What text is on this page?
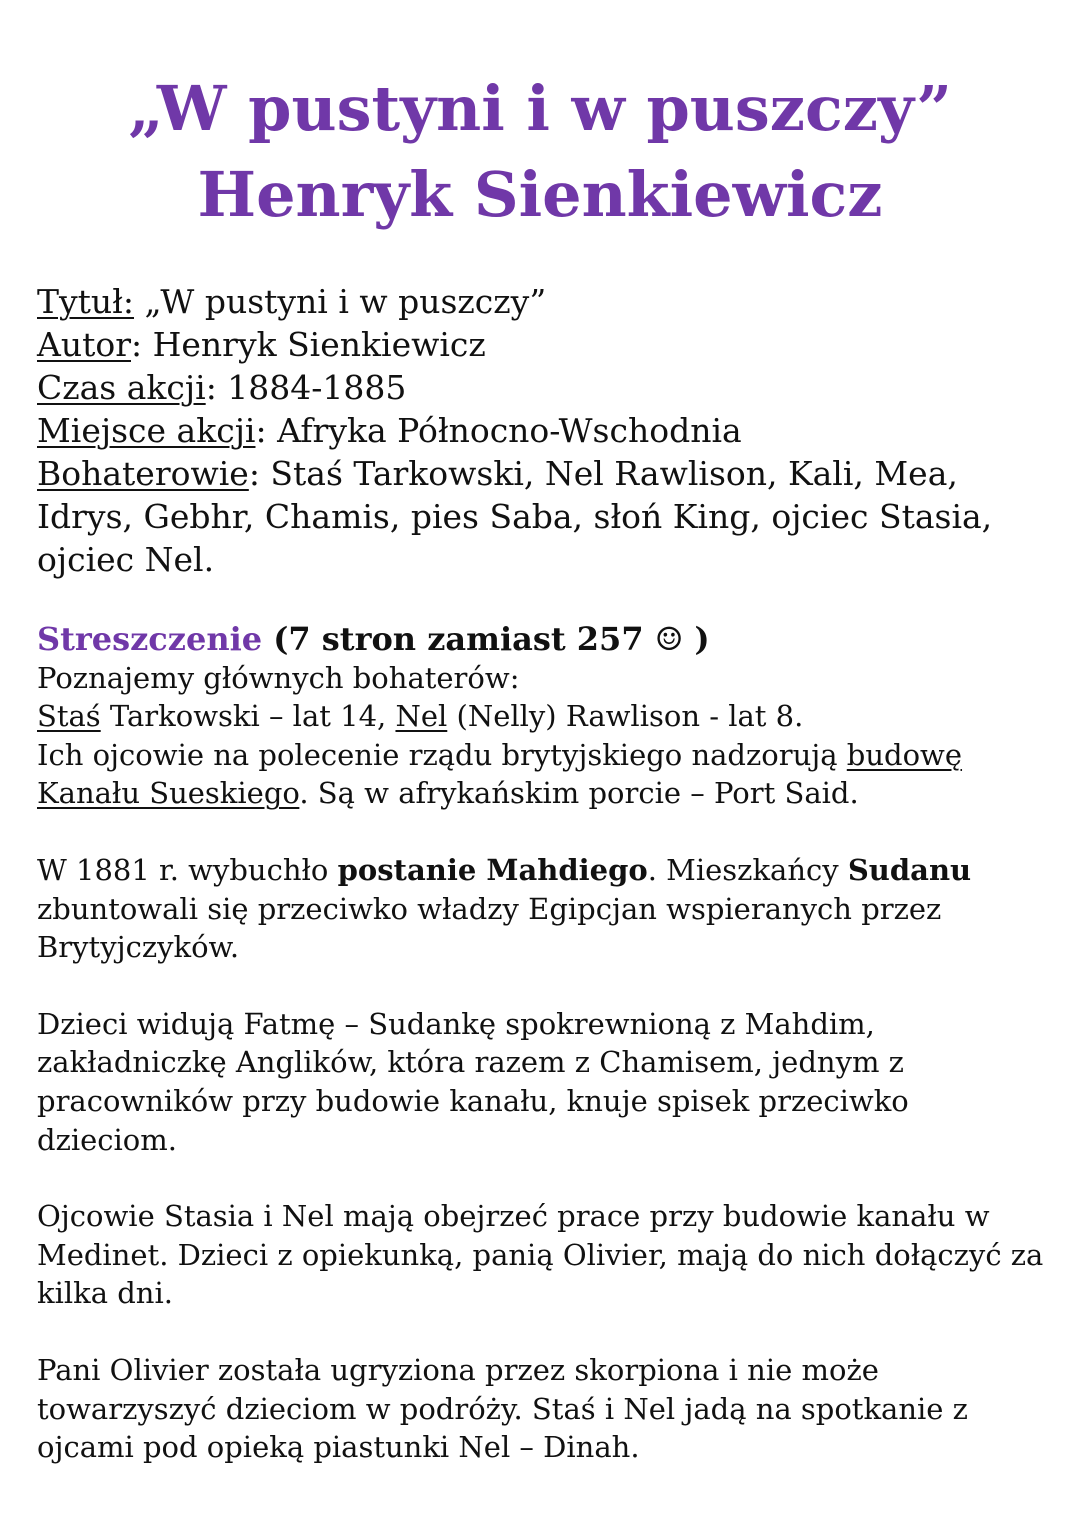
„W pustyni i w puszczy”
Henryk Sienkiewicz

Tytuł: „W pustyni i w puszczy”

Autor: Henryk Sienkiewicz

Czas akcji: 1884-1885

Miejsce akcji: Afryka Północno-Wschodnia

Bohaterowie: Staś Tarkowski, Nel Rawlison, Kali, Mea, Idrys, Gebhr, Chamis, pies Saba, słoń King, ojciec Stasia, ojciec Nel.

Streszczenie (7 stron zamiast 257 ☺ )

Poznajemy głównych bohaterów:

Staś Tarkowski – lat 14, Nel (Nelly) Rawlison - lat 8.

Ich ojcowie na polecenie rządu brytyjskiego nadzorują budowę Kanału Sueskiego. Są w afrykańskim porcie – Port Said.

W 1881 r. wybuchło postanie Mahdiego. Mieszkańcy Sudanu zbuntowali się przeciwko władzy Egipcjan wspieranych przez Brytyjczyków.

Dzieci widują Fatmę – Sudankę spokrewnioną z Mahdim, zakładniczkę Anglików, która razem z Chamisem, jednym z pracowników przy budowie kanału, knuje spisek przeciwko dzieciom.

Ojcowie Stasia i Nel mają obejrzeć prace przy budowie kanału w Medinet. Dzieci z opiekunką, panią Olivier, mają do nich dołączyć za kilka dni.

Pani Olivier została ugryziona przez skorpiona i nie może towarzyszyć dzieciom w podróży. Staś i Nel jadą na spotkanie z ojcami pod opieką piastunki Nel – Dinah.
